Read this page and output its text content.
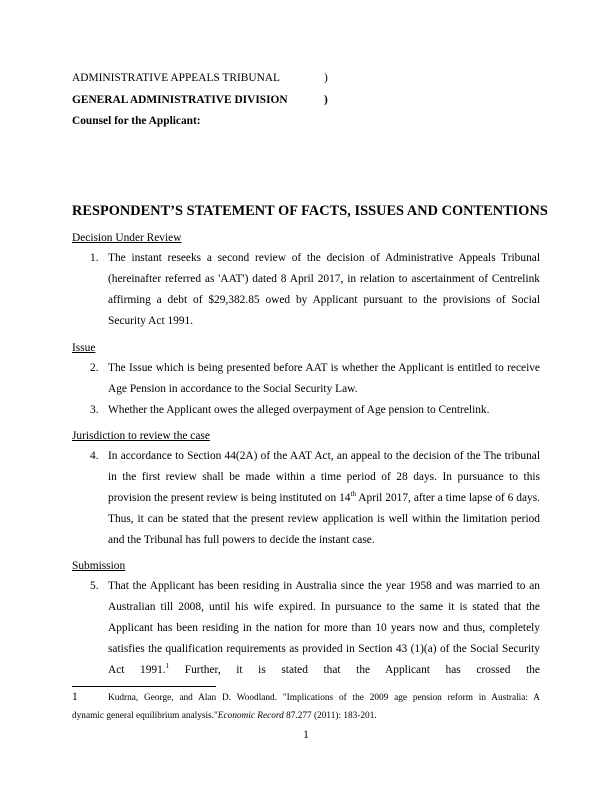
ADMINISTRATIVE APPEALS TRIBUNAL	)
GENERAL ADMINISTRATIVE DIVISION	)
Counsel for the Applicant:
RESPONDENT’S STATEMENT OF FACTS, ISSUES AND CONTENTIONS
Decision Under Review
1. The instant reseeks a second review of the decision of Administrative Appeals Tribunal (hereinafter referred as 'AAT') dated 8 April 2017, in relation to ascertainment of Centrelink affirming a debt of $29,382.85 owed by Applicant pursuant to the provisions of Social Security Act 1991.
Issue
2. The Issue which is being presented before AAT is whether the Applicant is entitled to receive Age Pension in accordance to the Social Security Law.
3. Whether the Applicant owes the alleged overpayment of Age pension to Centrelink.
Jurisdiction to review the case
4. In accordance to Section 44(2A) of the AAT Act, an appeal to the decision of the The tribunal in the first review shall be made within a time period of 28 days. In pursuance to this provision the present review is being instituted on 14th April 2017, after a time lapse of 6 days. Thus, it can be stated that the present review application is well within the limitation period and the Tribunal has full powers to decide the instant case.
Submission
5. That the Applicant has been residing in Australia since the year 1958 and was married to an Australian till 2008, until his wife expired. In pursuance to the same it is stated that the Applicant has been residing in the nation for more than 10 years now and thus, completely satisfies the qualification requirements as provided in Section 43 (1)(a) of the Social Security Act 1991.$^1$ Further, it is stated that the Applicant has crossed the
1	Kudrna, George, and Alan D. Woodland. "Implications of the 2009 age pension reform in Australia: A
dynamic general equilibrium analysis."Economic Record 87.277 (2011): 183-201.
1
